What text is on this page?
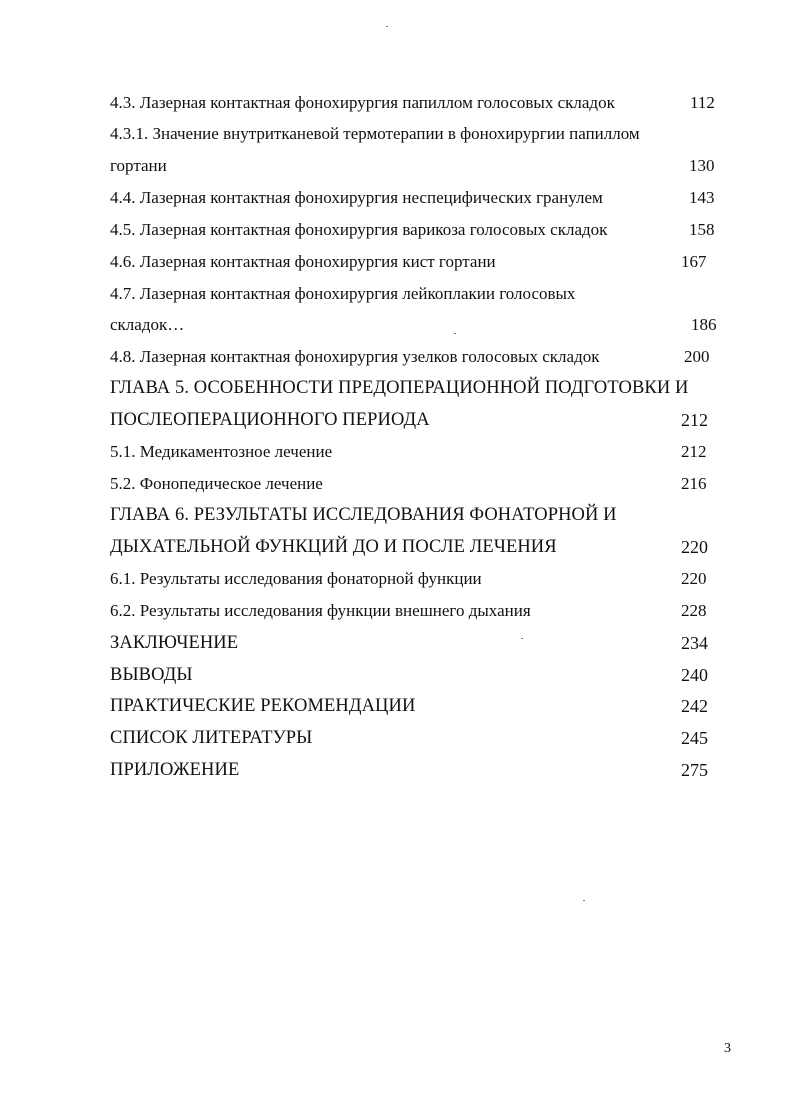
4.3. Лазерная контактная фонохирургия папиллом голосовых складок	112
4.3.1. Значение внутритканевой термотерапии в фонохирургии папиллом
гортани	130
4.4. Лазерная контактная фонохирургия неспецифических гранулем	143
4.5. Лазерная контактная фонохирургия варикоза голосовых складок	158
4.6. Лазерная контактная фонохирургия кист гортани	167
4.7. Лазерная контактная фонохирургия лейкоплакии голосовых
складок…	186
4.8. Лазерная контактная фонохирургия узелков голосовых складок	200
ГЛАВА 5. ОСОБЕННОСТИ ПРЕДОПЕРАЦИОННОЙ ПОДГОТОВКИ И
ПОСЛЕОПЕРАЦИОННОГО ПЕРИОДА	212
5.1. Медикаментозное лечение	212
5.2. Фонопедическое лечение	216
ГЛАВА 6. РЕЗУЛЬТАТЫ ИССЛЕДОВАНИЯ ФОНАТОРНОЙ И
ДЫХАТЕЛЬНОЙ ФУНКЦИЙ ДО И ПОСЛЕ ЛЕЧЕНИЯ	220
6.1. Результаты исследования фонаторной функции	220
6.2. Результаты исследования функции внешнего дыхания	228
ЗАКЛЮЧЕНИЕ	234
ВЫВОДЫ	240
ПРАКТИЧЕСКИЕ РЕКОМЕНДАЦИИ	242
СПИСОК ЛИТЕРАТУРЫ	245
ПРИЛОЖЕНИЕ	275
3
